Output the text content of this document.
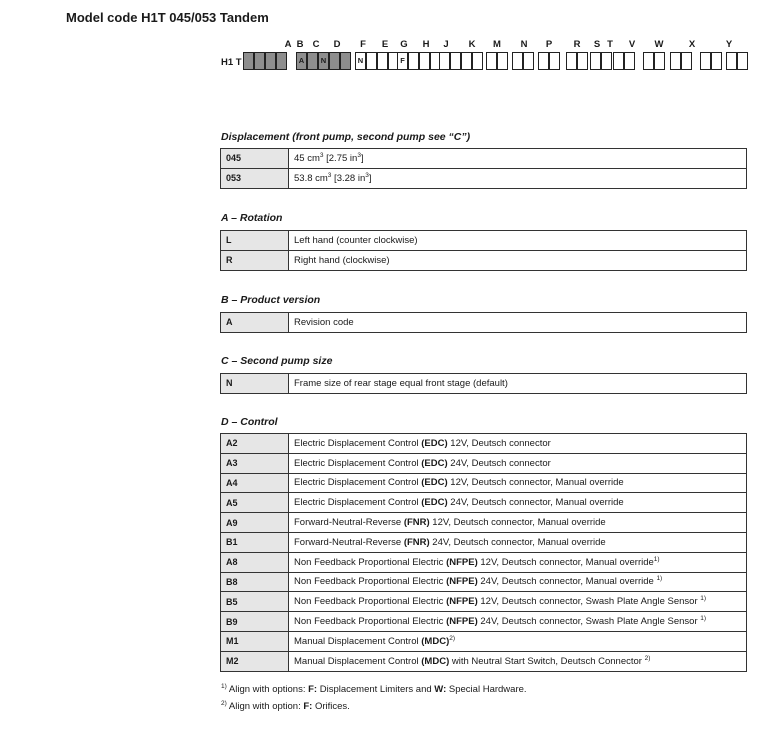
Model code H1T 045/053 Tandem
A B C D F E G H J K M N P R S T V W	X	Y
H1 T	A	N	N	F
Displacement (front pump, second pump see “C”)
045	45 $cm^3$ [2.75 $in^3$]
053	53.8 $cm^3$ [3.28 $in^3$]
A – Rotation
L	Left hand (counter clockwise)
R	Right hand (clockwise)
B – Product version
A	Revision code
C – Second pump size
N	Frame size of rear stage equal front stage (default)
D – Control
A2	Electric Displacement Control (EDC) 12V, Deutsch connector
A3	Electric Displacement Control (EDC) 24V, Deutsch connector
A4	Electric Displacement Control (EDC) 12V, Deutsch connector, Manual override
A5	Electric Displacement Control (EDC) 24V, Deutsch connector, Manual override
A9	Forward-Neutral-Reverse (FNR) 12V, Deutsch connector, Manual override
B1	Forward-Neutral-Reverse (FNR) 24V, Deutsch connector, Manual override
A8	Non Feedback Proportional Electric (NFPE) 12V, Deutsch connector, Manual override$^{1)}$
B8	Non Feedback Proportional Electric (NFPE) 24V, Deutsch connector, Manual override $^{1)}$
B5	Non Feedback Proportional Electric (NFPE) 12V, Deutsch connector, Swash Plate Angle Sensor $^{1)}$
B9	Non Feedback Proportional Electric (NFPE) 24V, Deutsch connector, Swash Plate Angle Sensor $^{1)}$
M1	Manual Displacement Control (MDC)$^{2)}$
M2	Manual Displacement Control (MDC) with Neutral Start Switch, Deutsch Connector $^{2)}$
$^{1)}$ Align with options: F: Displacement Limiters and W: Special Hardware.
$^{2)}$ Align with option: F: Orifices.
